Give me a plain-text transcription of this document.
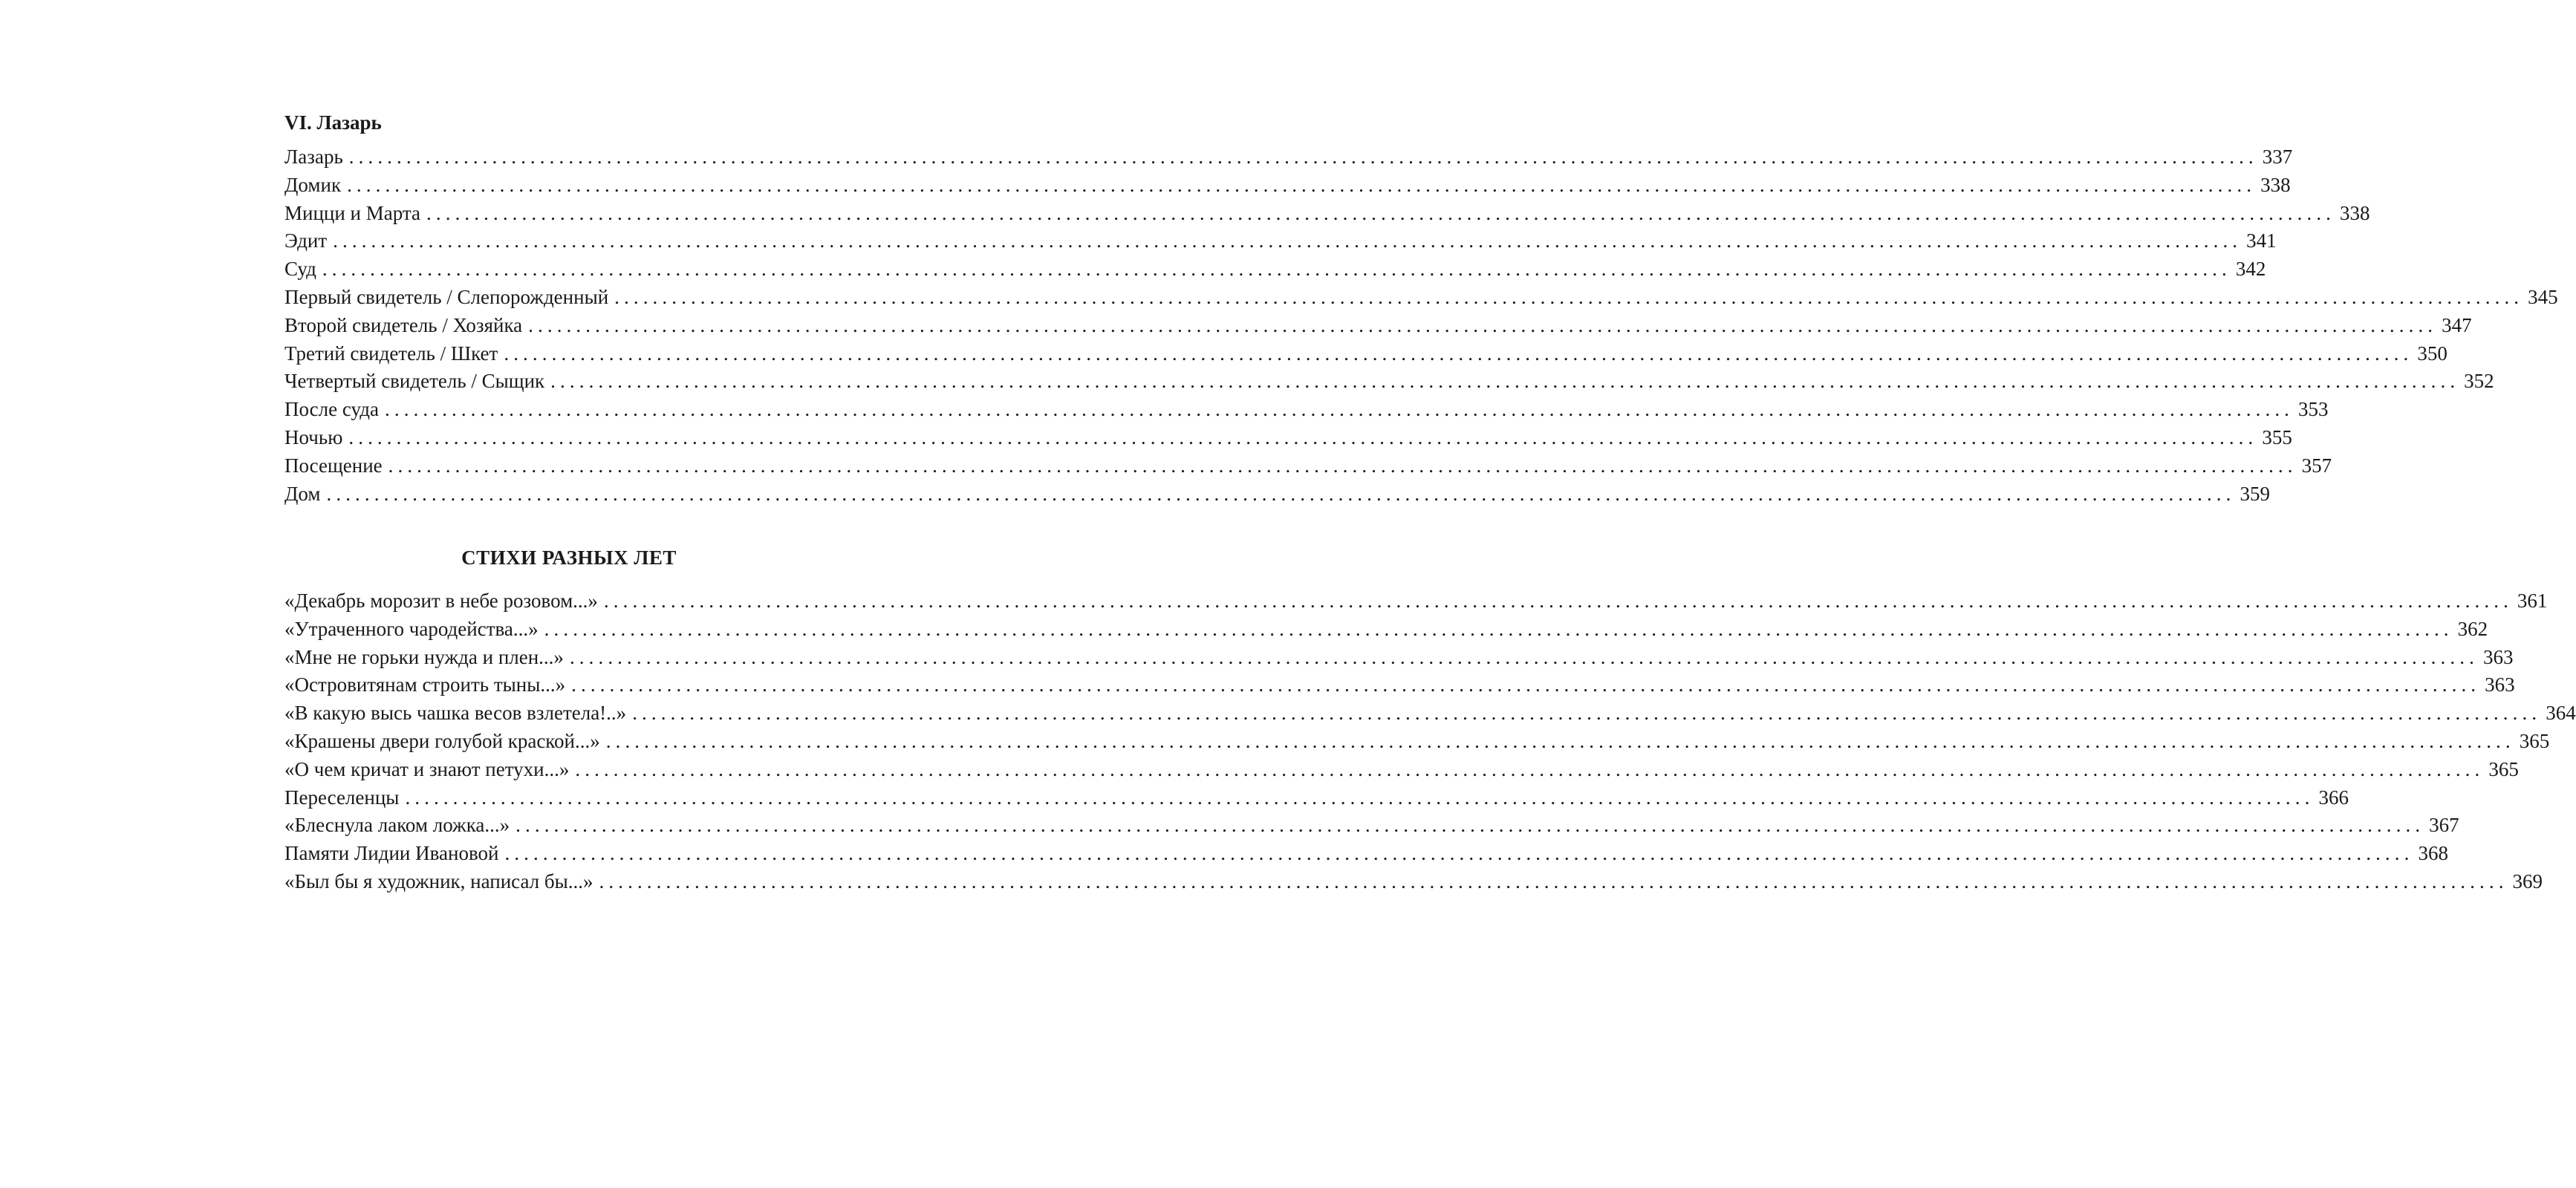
VI. Лазарь
Лазарь ........................................................................................................................................................................................................ 337
Домик ........................................................................................................................................................................................................ 338
Мицци и Марта ........................................................................................................................................................................................................ 338
Эдит ........................................................................................................................................................................................................ 341
Суд ........................................................................................................................................................................................................ 342
Первый свидетель / Слепорожденный ........................................................................................................................................................................................................ 345
Второй свидетель / Хозяйка ........................................................................................................................................................................................................ 347
Третий свидетель / Шкет ........................................................................................................................................................................................................ 350
Четвертый свидетель / Сыщик ........................................................................................................................................................................................................ 352
После суда ........................................................................................................................................................................................................ 353
Ночью ........................................................................................................................................................................................................ 355
Посещение ........................................................................................................................................................................................................ 357
Дом ........................................................................................................................................................................................................ 359
СТИХИ РАЗНЫХ ЛЕТ
«Декабрь морозит в небе розовом...» ........................................................................................................................................................................................................ 361
«Утраченного чародейства...» ........................................................................................................................................................................................................ 362
«Мне не горьки нужда и плен...» ........................................................................................................................................................................................................ 363
«Островитянам строить тыны...» ........................................................................................................................................................................................................ 363
«В какую высь чашка весов взлетела!..» ........................................................................................................................................................................................................ 364
«Крашены двери голубой краской...» ........................................................................................................................................................................................................ 365
«О чем кричат и знают петухи...» ........................................................................................................................................................................................................ 365
Переселенцы ........................................................................................................................................................................................................ 366
«Блеснула лаком ложка...» ........................................................................................................................................................................................................ 367
Памяти Лидии Ивановой ........................................................................................................................................................................................................ 368
«Был бы я художник, написал бы...» ........................................................................................................................................................................................................ 369
